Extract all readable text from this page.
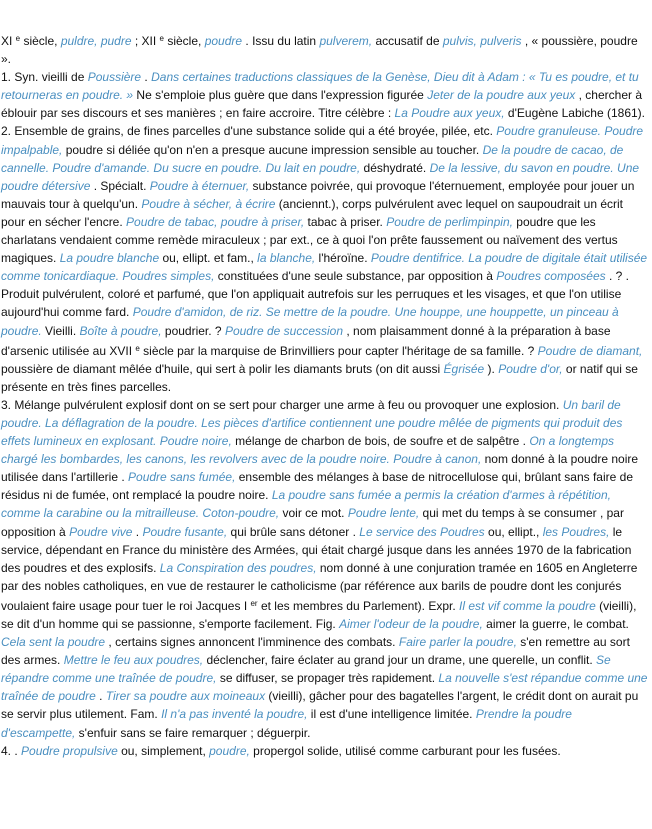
XI $^e$ siècle, puldre, pudre ; XII $^e$ siècle, poudre . Issu du latin pulverem, accusatif de pulvis, pulveris , « poussière, poudre ».

1. Syn. vieilli de Poussière . Dans certaines traductions classiques de la Genèse, Dieu dit à Adam : « Tu es poudre, et tu retourneras en poudre. » Ne s'emploie plus guère que dans l'expression figurée Jeter de la poudre aux yeux , chercher à éblouir par ses discours et ses manières ; en faire accroire. Titre célèbre : La Poudre aux yeux, d'Eugène Labiche (1861).

2. Ensemble de grains, de fines parcelles d'une substance solide qui a été broyée, pilée, etc. Poudre granuleuse. Poudre impalpable, poudre si déliée qu'on n'en a presque aucune impression sensible au toucher. De la poudre de cacao, de cannelle. Poudre d'amande. Du sucre en poudre. Du lait en poudre, déshydraté. De la lessive, du savon en poudre. Une poudre détersive . Spécialt. Poudre à éternuer, substance poivrée, qui provoque l'éternuement, employée pour jouer un mauvais tour à quelqu'un. Poudre à sécher, à écrire (anciennt.), corps pulvérulent avec lequel on saupoudrait un écrit pour en sécher l'encre. Poudre de tabac, poudre à priser, tabac à priser. Poudre de perlimpinpin, poudre que les charlatans vendaient comme remède miraculeux ; par ext., ce à quoi l'on prête faussement ou naïvement des vertus magiques. La poudre blanche ou, ellipt. et fam., la blanche, l'héroïne. Poudre dentifrice. La poudre de digitale était utilisée comme tonicardiaque. Poudres simples, constituées d'une seule substance, par opposition à Poudres composées . ? . Produit pulvérulent, coloré et parfumé, que l'on appliquait autrefois sur les perruques et les visages, et que l'on utilise aujourd'hui comme fard. Poudre d'amidon, de riz. Se mettre de la poudre. Une houppe, une houppette, un pinceau à poudre. Vieilli. Boîte à poudre, poudrier. ? Poudre de succession , nom plaisamment donné à la préparation à base d'arsenic utilisée au XVII $^e$ siècle par la marquise de Brinvilliers pour capter l'héritage de sa famille. ? Poudre de diamant, poussière de diamant mêlée d'huile, qui sert à polir les diamants bruts (on dit aussi Égrisée ). Poudre d'or, or natif qui se présente en très fines parcelles.

3. Mélange pulvérulent explosif dont on se sert pour charger une arme à feu ou provoquer une explosion. Un baril de poudre. La déflagration de la poudre. Les pièces d'artifice contiennent une poudre mêlée de pigments qui produit des effets lumineux en explosant. Poudre noire, mélange de charbon de bois, de soufre et de salpêtre . On a longtemps chargé les bombardes, les canons, les revolvers avec de la poudre noire. Poudre à canon, nom donné à la poudre noire utilisée dans l'artillerie . Poudre sans fumée, ensemble des mélanges à base de nitrocellulose qui, brûlant sans faire de résidus ni de fumée, ont remplacé la poudre noire. La poudre sans fumée a permis la création d'armes à répétition, comme la carabine ou la mitrailleuse. Coton-poudre, voir ce mot. Poudre lente, qui met du temps à se consumer , par opposition à Poudre vive . Poudre fusante, qui brûle sans détoner . Le service des Poudres ou, ellipt., les Poudres, le service, dépendant en France du ministère des Armées, qui était chargé jusque dans les années 1970 de la fabrication des poudres et des explosifs. La Conspiration des poudres, nom donné à une conjuration tramée en 1605 en Angleterre par des nobles catholiques, en vue de restaurer le catholicisme (par référence aux barils de poudre dont les conjurés voulaient faire usage pour tuer le roi Jacques I $^{er}$ et les membres du Parlement). Expr. Il est vif comme la poudre (vieilli), se dit d'un homme qui se passionne, s'emporte facilement. Fig. Aimer l'odeur de la poudre, aimer la guerre, le combat. Cela sent la poudre , certains signes annoncent l'imminence des combats. Faire parler la poudre, s'en remettre au sort des armes. Mettre le feu aux poudres, déclencher, faire éclater au grand jour un drame, une querelle, un conflit. Se répandre comme une traînée de poudre, se diffuser, se propager très rapidement. La nouvelle s'est répandue comme une traînée de poudre . Tirer sa poudre aux moineaux (vieilli), gâcher pour des bagatelles l'argent, le crédit dont on aurait pu se servir plus utilement. Fam. Il n'a pas inventé la poudre, il est d'une intelligence limitée. Prendre la poudre d'escampette, s'enfuir sans se faire remarquer ; déguerpir.

4. . Poudre propulsive ou, simplement, poudre, propergol solide, utilisé comme carburant pour les fusées.
